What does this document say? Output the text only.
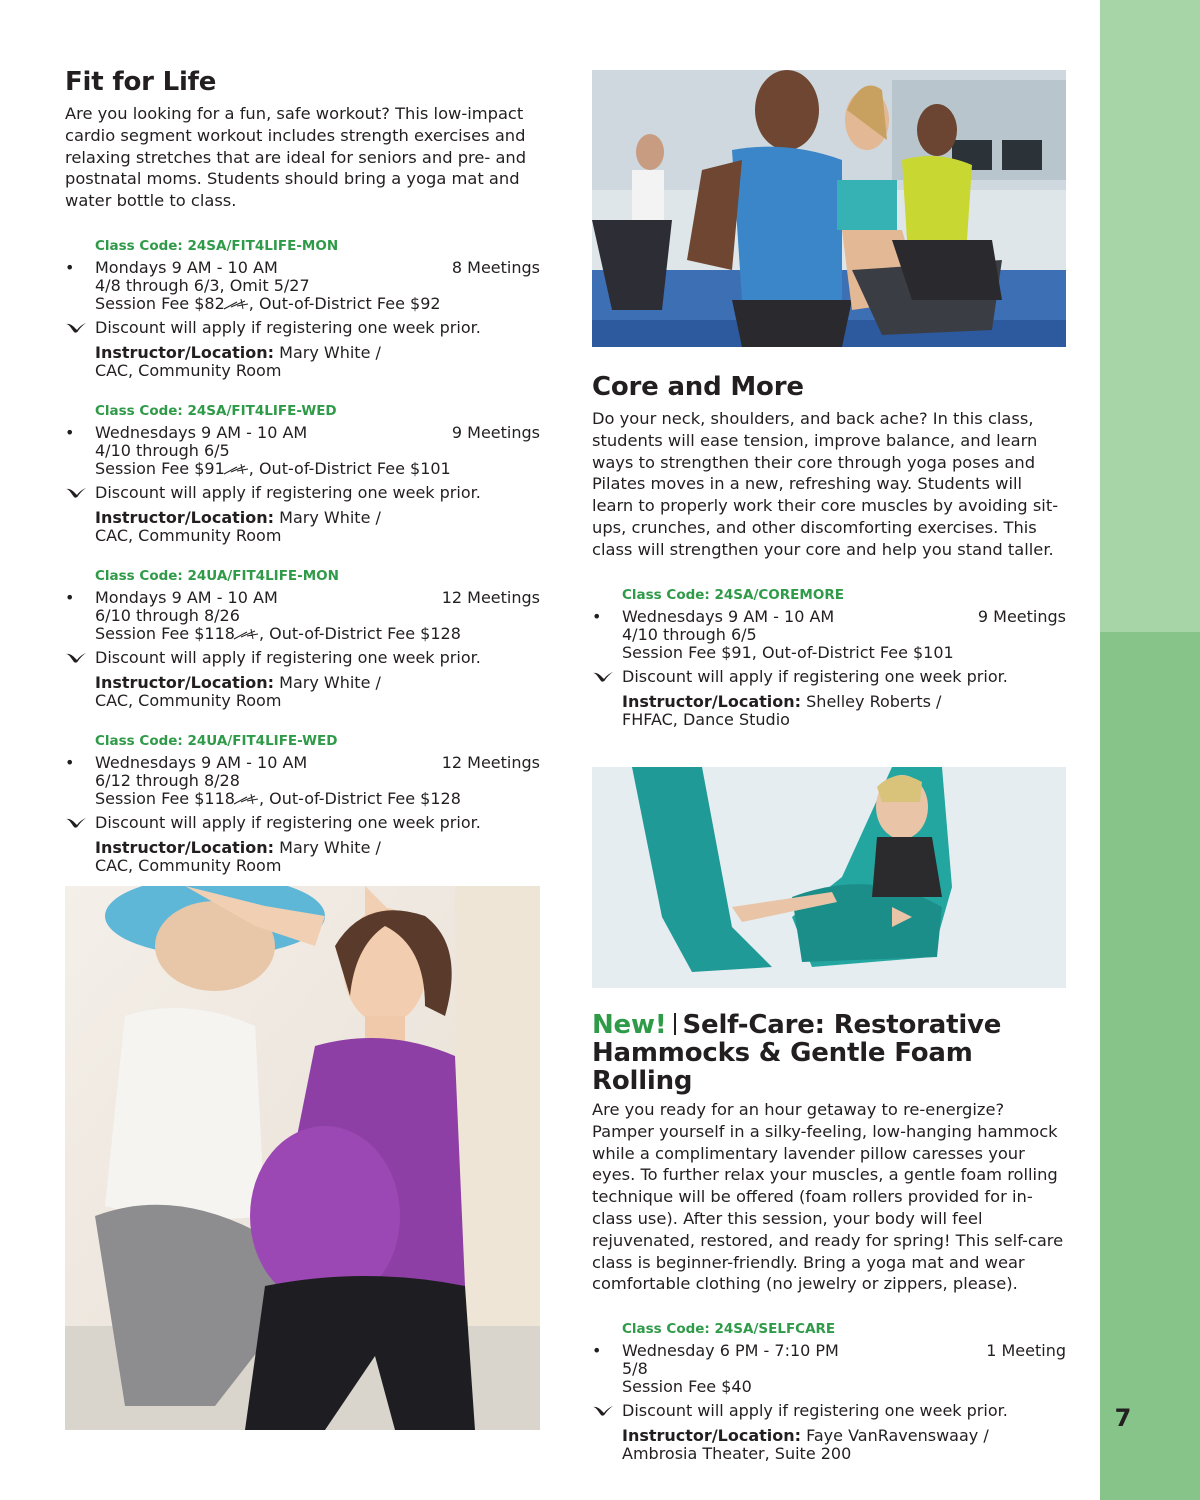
7
Fit for Life

Are you looking for a fun, safe workout? This low-impact cardio segment workout includes strength exercises and relaxing stretches that are ideal for seniors and pre- and postnatal moms. Students should bring a yoga mat and water bottle to class.

Class Code: 24SA/FIT4LIFE-MON
• Mondays 9 AM - 10 AM	8 Meetings
4/8 through 6/3, Omit 5/27
Session Fee $82 , Out-of-District Fee $92
Discount will apply if registering one week prior.
Instructor/Location: Mary White /
CAC, Community Room
Class Code: 24SA/FIT4LIFE-WED
• Wednesdays 9 AM - 10 AM	9 Meetings
4/10 through 6/5
Session Fee $91 , Out-of-District Fee $101
Discount will apply if registering one week prior.
Instructor/Location: Mary White /
CAC, Community Room
Class Code: 24UA/FIT4LIFE-MON
• Mondays 9 AM - 10 AM	12 Meetings
6/10 through 8/26
Session Fee $118 , Out-of-District Fee $128
Discount will apply if registering one week prior.
Instructor/Location: Mary White /
CAC, Community Room
Class Code: 24UA/FIT4LIFE-WED
• Wednesdays 9 AM - 10 AM	12 Meetings
6/12 through 8/28
Session Fee $118 , Out-of-District Fee $128
Discount will apply if registering one week prior.
Instructor/Location: Mary White /
CAC, Community Room
Core and More

Do your neck, shoulders, and back ache? In this class, students will ease tension, improve balance, and learn ways to strengthen their core through yoga poses and Pilates moves in a new, refreshing way. Students will learn to properly work their core muscles by avoiding sit-ups, crunches, and other discomforting exercises. This class will strengthen your core and help you stand taller.

Class Code: 24SA/COREMORE
• Wednesdays 9 AM - 10 AM	9 Meetings
4/10 through 6/5
Session Fee $91, Out-of-District Fee $101
Discount will apply if registering one week prior.
Instructor/Location: Shelley Roberts /
FHFAC, Dance Studio
New! Self-Care: Restorative
Hammocks & Gentle Foam Rolling

Are you ready for an hour getaway to re-energize? Pamper yourself in a silky-feeling, low-hanging hammock while a complimentary lavender pillow caresses your eyes. To further relax your muscles, a gentle foam rolling technique will be offered (foam rollers provided for in-class use). After this session, your body will feel rejuvenated, restored, and ready for spring! This self-care class is beginner-friendly. Bring a yoga mat and wear comfortable clothing (no jewelry or zippers, please).

Class Code: 24SA/SELFCARE
• Wednesday 6 PM - 7:10 PM	1 Meeting
5/8
Session Fee $40
Discount will apply if registering one week prior.
Instructor/Location: Faye VanRavenswaay /
Ambrosia Theater, Suite 200
